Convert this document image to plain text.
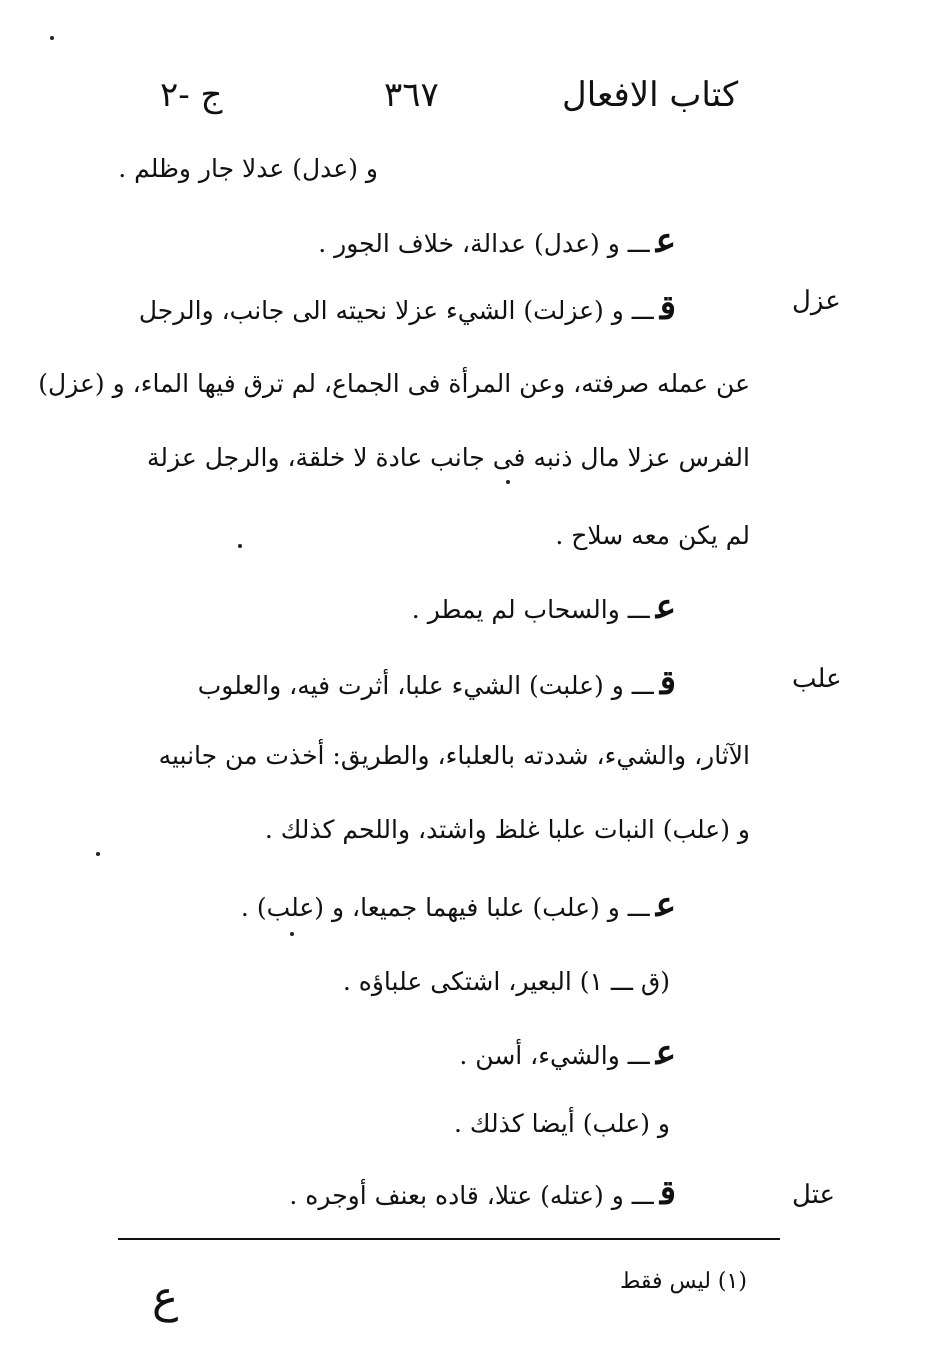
ج -٢	٣٦٧	كتاب الافعال
عزل
علب
عتل
و (عدل) عدلا جار وظلم .
عـــ و (عدل) عدالة، خلاف الجور .
قـــ و (عزلت) الشيء عزلا نحيته الى جانب، والرجل
عن عمله صرفته، وعن المرأة فى الجماع، لم ترق فيها الماء، و (عزل)
الفرس عزلا مال ذنبه فى جانب عادة لا خلقة، والرجل عزلة
لم يكن معه سلاح .
عـــ والسحاب لم يمطر .
قـــ و (علبت) الشيء علبا، أثرت فيه، والعلوب
الآثار، والشيء، شددته بالعلباء، والطريق: أخذت من جانبيه
و (علب) النبات علبا غلظ واشتد، واللحم كذلك .
عـــ و (علب) علبا فيهما جميعا، و (علب) .
(ق ـــ ١) البعير، اشتكى علباؤه .
عـــ والشيء، أسن .
و (علب) أيضا كذلك .
قـــ و (عتله) عتلا، قاده بعنف أوجره .
(١) ليس فقط
ع
